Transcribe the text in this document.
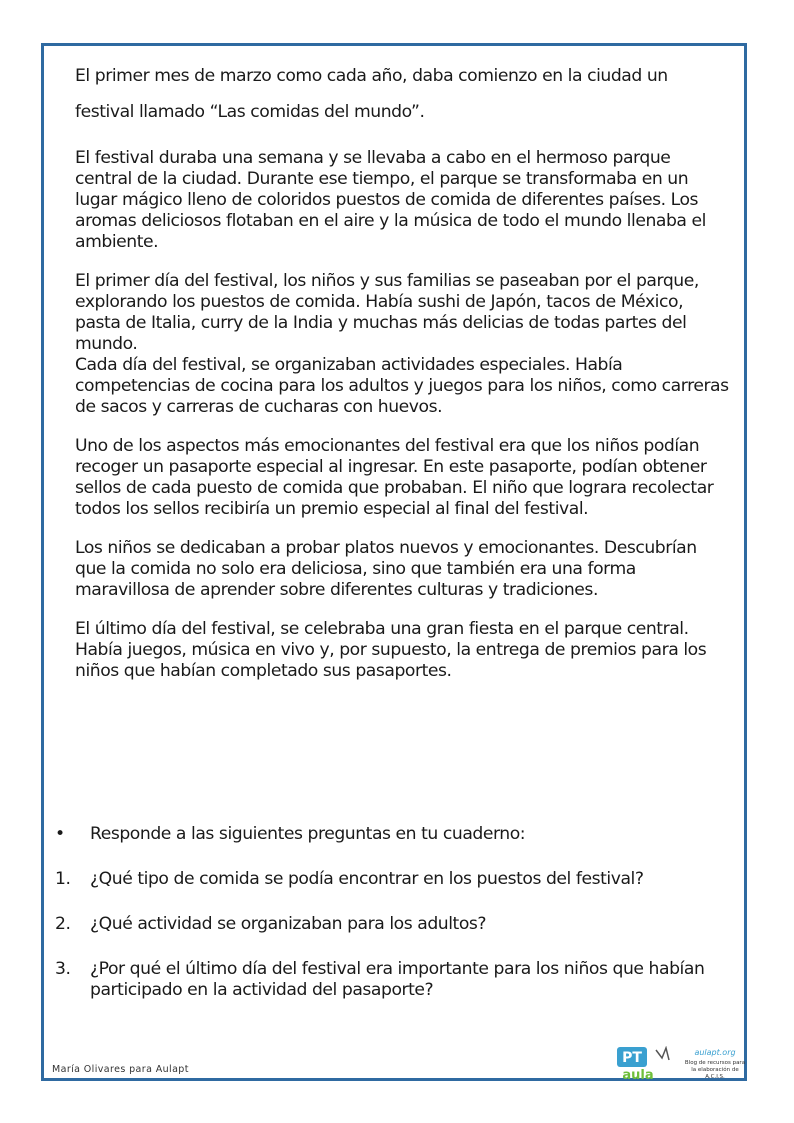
El primer mes de marzo como cada año, daba comienzo en la ciudad un festival llamado “Las comidas del mundo”.

El festival duraba una semana y se llevaba a cabo en el hermoso parque central de la ciudad. Durante ese tiempo, el parque se transformaba en un lugar mágico lleno de coloridos puestos de comida de diferentes países. Los aromas deliciosos flotaban en el aire y la música de todo el mundo llenaba el ambiente.

El primer día del festival, los niños y sus familias se paseaban por el parque, explorando los puestos de comida. Había sushi de Japón, tacos de México, pasta de Italia, curry de la India y muchas más delicias de todas partes del mundo.

Cada día del festival, se organizaban actividades especiales. Había competencias de cocina para los adultos y juegos para los niños, como carreras de sacos y carreras de cucharas con huevos.

Uno de los aspectos más emocionantes del festival era que los niños podían recoger un pasaporte especial al ingresar. En este pasaporte, podían obtener sellos de cada puesto de comida que probaban. El niño que lograra recolectar todos los sellos recibiría un premio especial al final del festival.

Los niños se dedicaban a probar platos nuevos y emocionantes. Descubrían que la comida no solo era deliciosa, sino que también era una forma maravillosa de aprender sobre diferentes culturas y tradiciones.

El último día del festival, se celebraba una gran fiesta en el parque central. Había juegos, música en vivo y, por supuesto, la entrega de premios para los niños que habían completado sus pasaportes.

•	Responde a las siguientes preguntas en tu cuaderno:
1.	¿Qué tipo de comida se podía encontrar en los puestos del festival?
2.	¿Qué actividad se organizaban para los adultos?
3.	¿Por qué el último día del festival era importante para los niños que habían participado en la actividad del pasaporte?
María Olivares para Aulapt
PT
aula
aulapt.org
Blog de recursos para la elaboración de A.C.I.S.
